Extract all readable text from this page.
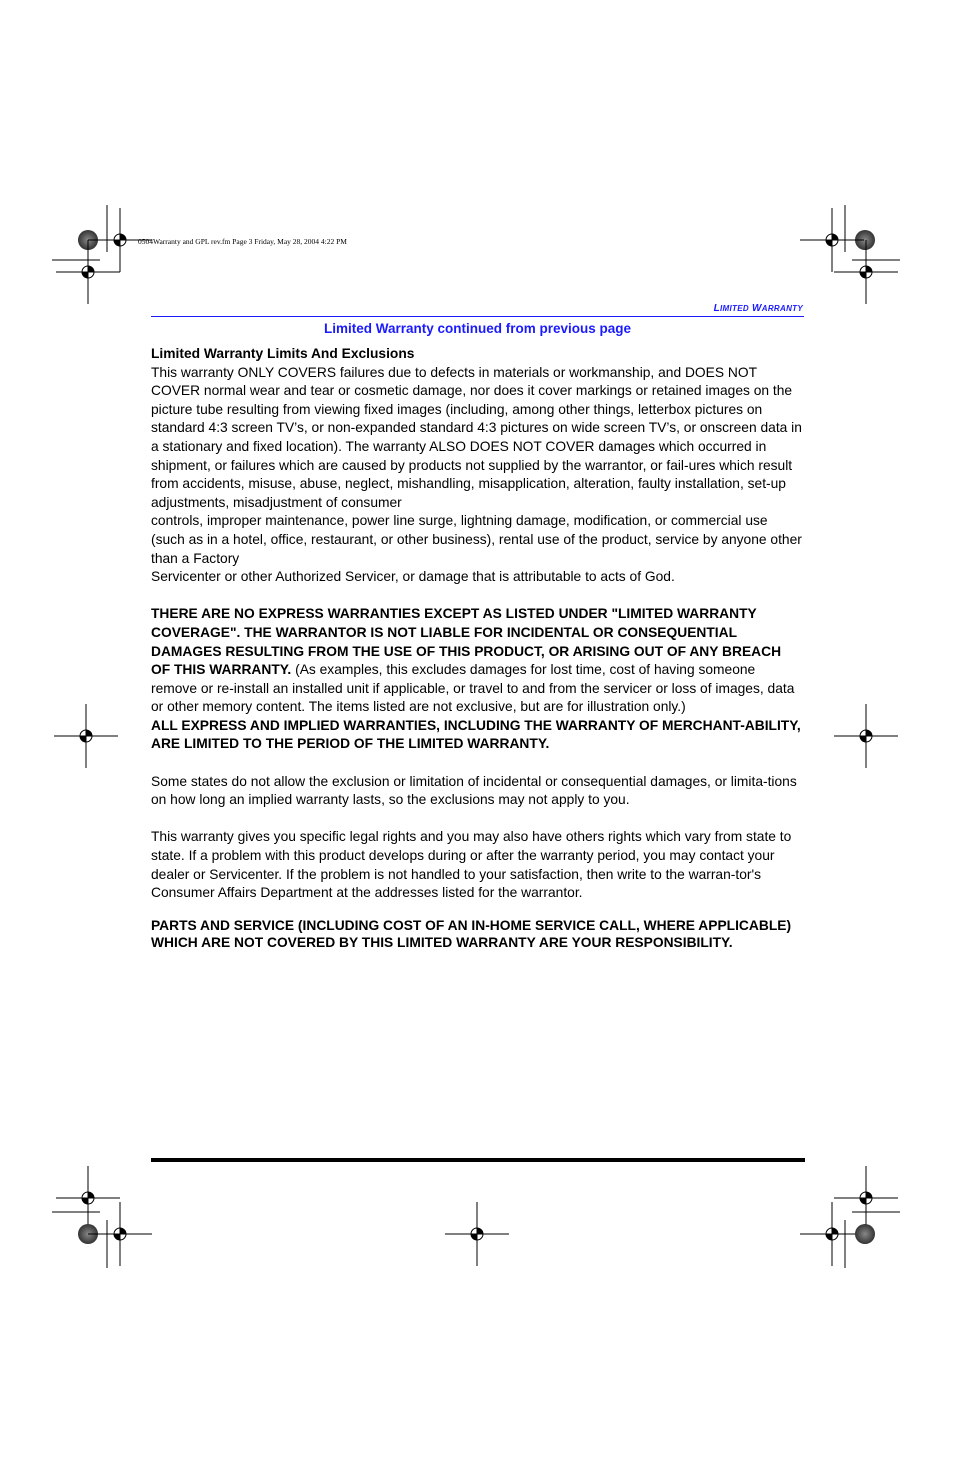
0504Warranty and GPL rev.fm Page 3 Friday, May 28, 2004 4:22 PM
LIMITED WARRANTY
Limited Warranty continued from previous page

Limited Warranty Limits And Exclusions

This warranty ONLY COVERS failures due to defects in materials or workmanship, and DOES NOT COVER normal wear and tear or cosmetic damage, nor does it cover markings or retained images on the picture tube resulting from viewing fixed images (including, among other things, letterbox pictures on standard 4:3 screen TV’s, or non-expanded standard 4:3 pictures on wide screen TV’s, or onscreen data in a stationary and fixed location). The warranty ALSO DOES NOT COVER damages which occurred in shipment, or failures which are caused by products not supplied by the warrantor, or fail-ures which result from accidents, misuse, abuse, neglect, mishandling, misapplication, alteration, faulty installation, set-up adjustments, misadjustment of consumer

controls, improper maintenance, power line surge, lightning damage, modification, or commercial use (such as in a hotel, office, restaurant, or other business), rental use of the product, service by anyone other than a Factory

Servicenter or other Authorized Servicer, or damage that is attributable to acts of God.

THERE ARE NO EXPRESS WARRANTIES EXCEPT AS LISTED UNDER "LIMITED WARRANTY COVERAGE". THE WARRANTOR IS NOT LIABLE FOR INCIDENTAL OR CONSEQUENTIAL DAMAGES RESULTING FROM THE USE OF THIS PRODUCT, OR ARISING OUT OF ANY BREACH OF THIS WARRANTY. (As examples, this excludes damages for lost time, cost of having someone remove or re-install an installed unit if applicable, or travel to and from the servicer or loss of images, data or other memory content. The items listed are not exclusive, but are for illustration only.)

ALL EXPRESS AND IMPLIED WARRANTIES, INCLUDING THE WARRANTY OF MERCHANT-ABILITY, ARE LIMITED TO THE PERIOD OF THE LIMITED WARRANTY.

Some states do not allow the exclusion or limitation of incidental or consequential damages, or limita-tions on how long an implied warranty lasts, so the exclusions may not apply to you.

This warranty gives you specific legal rights and you may also have others rights which vary from state to state. If a problem with this product develops during or after the warranty period, you may contact your dealer or Servicenter. If the problem is not handled to your satisfaction, then write to the warran-tor's Consumer Affairs Department at the addresses listed for the warrantor.

PARTS AND SERVICE (INCLUDING COST OF AN IN-HOME SERVICE CALL, WHERE APPLICABLE) WHICH ARE NOT COVERED BY THIS LIMITED WARRANTY ARE YOUR RESPONSIBILITY.
